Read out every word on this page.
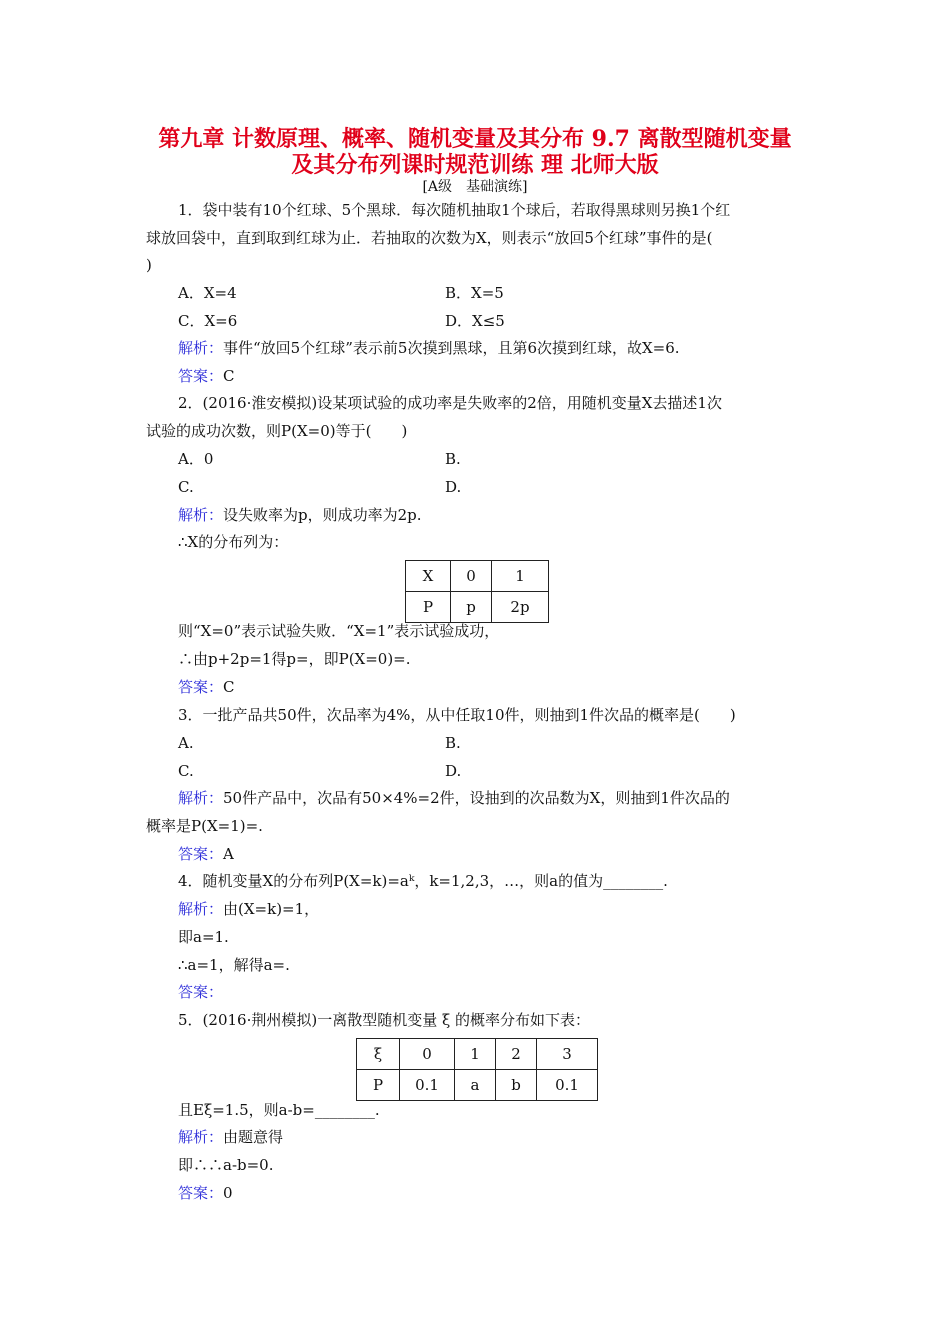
第九章 计数原理、概率、随机变量及其分布 9.7 离散型随机变量
及其分布列课时规范训练 理 北师大版
[A级　基础演练]
1．袋中装有10个红球、5个黑球．每次随机抽取1个球后，若取得黑球则另换1个红
球放回袋中，直到取到红球为止．若抽取的次数为X，则表示“放回5个红球”事件的是(
)
A．X=4	B．X=5
C．X=6	D．X≤5
解析：事件“放回5个红球”表示前5次摸到黑球，且第6次摸到红球，故X=6.
答案：C
2．(2016·淮安模拟)设某项试验的成功率是失败率的2倍，用随机变量X去描述1次
试验的成功次数，则P(X=0)等于(　　)
A．0	B.
C.	D.
解析：设失败率为p，则成功率为2p.
∴X的分布列为：
X	0	1
P	p	2p
则“X=0”表示试验失败．“X=1”表示试验成功，
∴由p+2p=1得p=，即P(X=0)=.
答案：C
3．一批产品共50件，次品率为4%，从中任取10件，则抽到1件次品的概率是(　　)
A.	B.
C.	D.
解析：50件产品中，次品有50×4%=2件，设抽到的次品数为X，则抽到1件次品的
概率是P(X=1)=.
答案：A
4．随机变量X的分布列P(X=k)=aᵏ，k=1,2,3，…，则a的值为________.
解析：由(X=k)=1，
即a=1.
∴a=1，解得a=.
答案：
5．(2016·荆州模拟)一离散型随机变量 ξ 的概率分布如下表：
ξ	0	1	2	3
P	0.1	a	b	0.1
且Eξ=1.5，则a-b=________.
解析：由题意得
即∴∴a-b=0.
答案：0
